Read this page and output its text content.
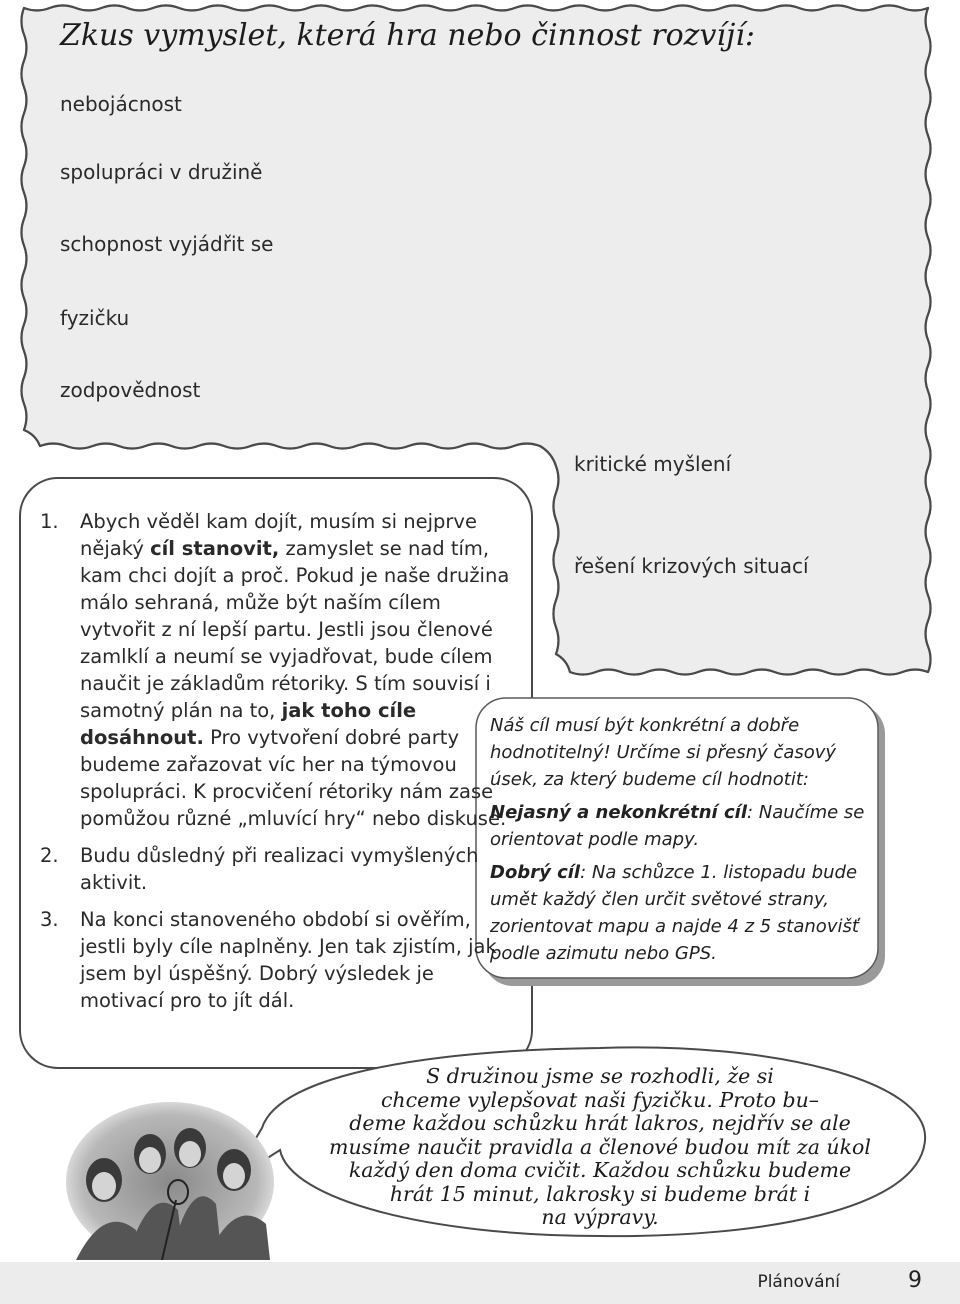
Zkus vymyslet, která hra nebo činnost rozvíjí:
nebojácnost
spolupráci v družině
schopnost vyjádřit se
fyzičku
zodpovědnost
kritické myšlení
řešení krizových situací
1. Abych věděl kam dojít, musím si nejprve nějaký cíl stanovit, zamyslet se nad tím, kam chci dojít a proč. Pokud je naše družina málo sehraná, může být naším cílem vytvořit z ní lepší partu. Jestli jsou členové zamlklí a neumí se vyjadřovat, bude cílem naučit je základům rétoriky. S tím souvisí i samotný plán na to, jak toho cíle dosáhnout. Pro vytvoření dobré party budeme zařazovat víc her na týmovou spolupráci. K procvičení rétoriky nám zase pomůžou různé „mluvící hry“ nebo diskuse.

2. Budu důsledný při realizaci vymyšlených aktivit.

3. Na konci stanoveného období si ověřím, jestli byly cíle naplněny. Jen tak zjistím, jak jsem byl úspěšný. Dobrý výsledek je motivací pro to jít dál.

Náš cíl musí být konkrétní a dobře hodnotitelný! Určíme si přesný časový úsek, za který budeme cíl hodnotit:

Nejasný a nekonkrétní cíl: Naučíme se orientovat podle mapy.

Dobrý cíl: Na schůzce 1. listopadu bude umět každý člen určit světové strany, zorientovat mapu a najde 4 z 5 stanovišť podle azimutu nebo GPS.

S družinou jsme se rozhodli, že si
chceme vylepšovat naši fyzičku. Proto bu–
deme každou schůzku hrát lakros, nejdřív se ale
musíme naučit pravidla a členové budou mít za úkol
každý den doma cvičit. Každou schůzku budeme
hrát 15 minut, lakrosky si budeme brát i
na výpravy.
Plánování	9
